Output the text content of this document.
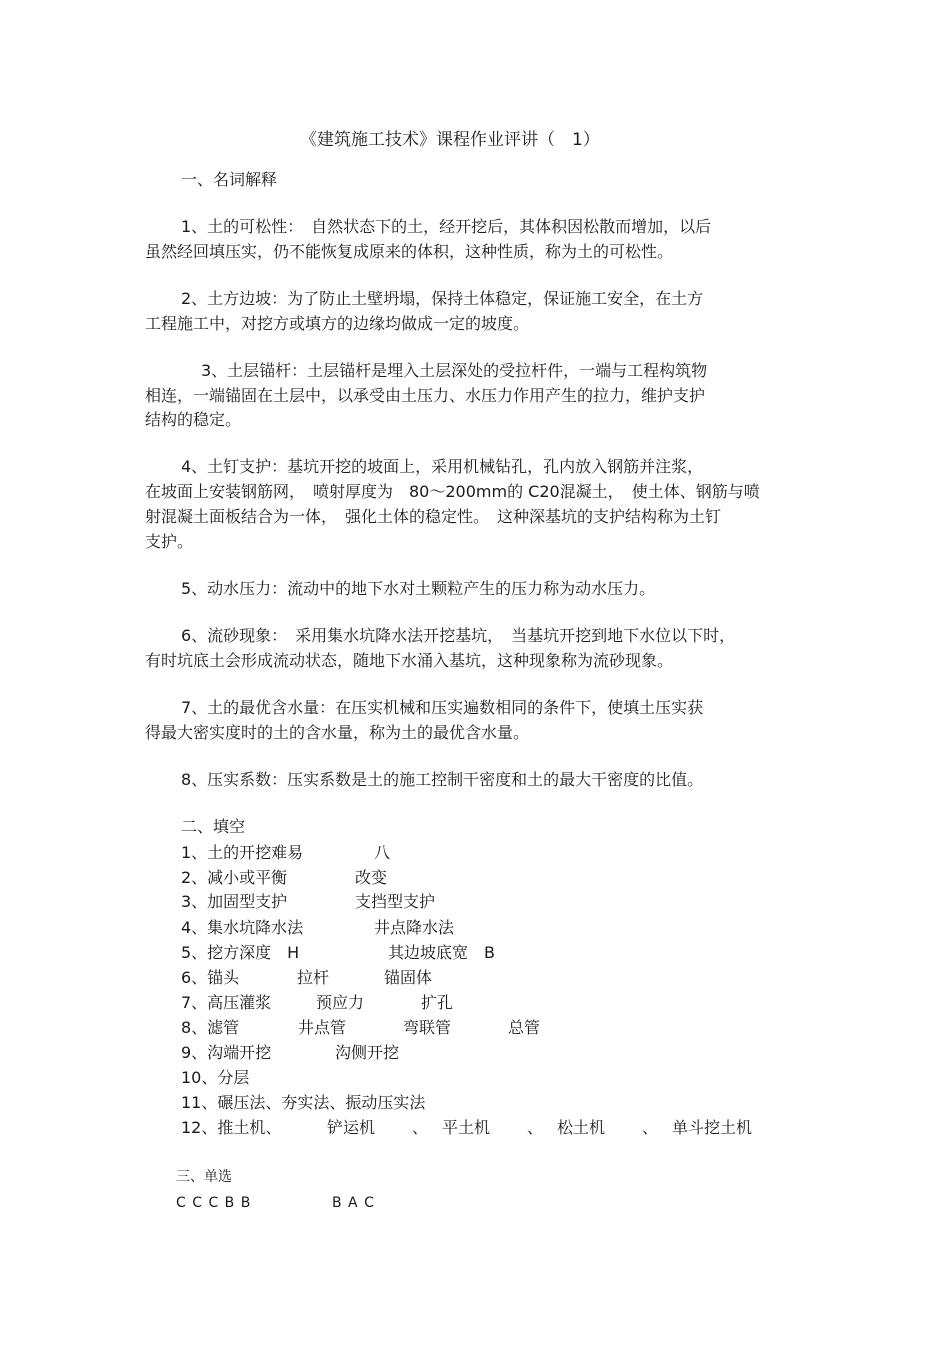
《建筑施工技术》课程作业评讲（　1）
一、名词解释
1、土的可松性：　自然状态下的土，经开挖后，其体积因松散而增加，以后
虽然经回填压实，仍不能恢复成原来的体积，这种性质，称为土的可松性。
2、土方边坡：为了防止土壁坍塌，保持土体稳定，保证施工安全，在土方
工程施工中，对挖方或填方的边缘均做成一定的坡度。
3、土层锚杆：土层锚杆是埋入土层深处的受拉杆件，一端与工程构筑物
相连，一端锚固在土层中，以承受由土压力、水压力作用产生的拉力，维护支护
结构的稳定。
4、土钉支护：基坑开挖的坡面上，采用机械钻孔，孔内放入钢筋并注浆，
在坡面上安装钢筋网，　喷射厚度为　80～200mm的 C20混凝土，　使土体、钢筋与喷
射混凝土面板结合为一体，　强化土体的稳定性。　这种深基坑的支护结构称为土钉
支护。
5、动水压力：流动中的地下水对土颗粒产生的压力称为动水压力。
6、流砂现象：　采用集水坑降水法开挖基坑，　当基坑开挖到地下水位以下时，
有时坑底土会形成流动状态，随地下水涌入基坑，这种现象称为流砂现象。
7、土的最优含水量：在压实机械和压实遍数相同的条件下，使填土压实获
得最大密实度时的土的含水量，称为土的最优含水量。
8、压实系数：压实系数是土的施工控制干密度和土的最大干密度的比值。
二、填空
1、土的开挖难易	八
2、减小或平衡	改变
3、加固型支护	支挡型支护
4、集水坑降水法	井点降水法
5、挖方深度　H	其边坡底宽　B
6、锚头	拉杆	锚固体
7、高压灌浆	预应力	扩孔
8、滤管	井点管	弯联管	总管
9、沟端开挖	沟侧开挖
10、分层
11、碾压法、夯实法、振动压实法
12、推土机、	铲运机 、 平土机 、 松土机 、 单斗挖土机
三、单选
C C C B B	B A C
